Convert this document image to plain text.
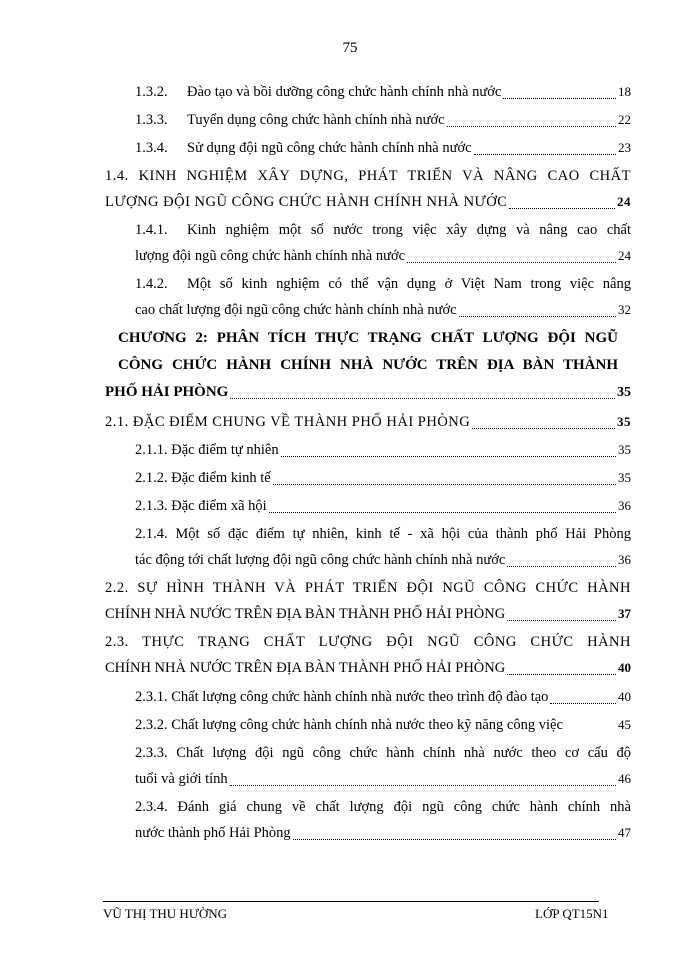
75
1.3.2.	Đào tạo và bồi dưỡng công chức hành chính nhà nước	18
1.3.3.	Tuyển dụng công chức hành chính nhà nước	22
1.3.4.	Sử dụng đội ngũ công chức hành chính nhà nước	23
1.4. KINH NGHIỆM XÂY DỰNG, PHÁT TRIỂN VÀ NÂNG CAO CHẤT
LƯỢNG ĐỘI NGŨ CÔNG CHỨC HÀNH CHÍNH NHÀ NƯỚC	24
1.4.1.	Kinh nghiệm một số nước trong việc xây dựng và nâng cao chất
lượng đội ngũ công chức hành chính nhà nước	24
1.4.2.	Một số kinh nghiệm có thể vận dụng ở Việt Nam trong việc nâng
cao chất lượng đội ngũ công chức hành chính nhà nước	32
CHƯƠNG 2: PHÂN TÍCH THỰC TRẠNG CHẤT LƯỢNG ĐỘI NGŨ
CÔNG CHỨC HÀNH CHÍNH NHÀ NƯỚC TRÊN ĐỊA BÀN THÀNH
PHỐ HẢI PHÒNG	35
2.1. ĐẶC ĐIỂM CHUNG VỀ THÀNH PHỐ HẢI PHÒNG	35
2.1.1. Đặc điểm tự nhiên	35
2.1.2. Đặc điểm kinh tế	35
2.1.3. Đặc điểm xã hội	36
2.1.4. Một số đặc điểm tự nhiên, kinh tế - xã hội của thành phố Hải Phòng
tác động tới chất lượng đội ngũ công chức hành chính nhà nước	36
2.2. SỰ HÌNH THÀNH VÀ PHÁT TRIỂN ĐỘI NGŨ CÔNG CHỨC HÀNH
CHÍNH NHÀ NƯỚC TRÊN ĐỊA BÀN THÀNH PHỐ HẢI PHÒNG	37
2.3. THỰC TRẠNG CHẤT LƯỢNG ĐỘI NGŨ CÔNG CHỨC HÀNH
CHÍNH NHÀ NƯỚC TRÊN ĐỊA BÀN THÀNH PHỐ HẢI PHÒNG	40
2.3.1. Chất lượng công chức hành chính nhà nước theo trình độ đào tạo	40
2.3.2. Chất lượng công chức hành chính nhà nước theo kỹ năng công việc	45
2.3.3. Chất lượng đội ngũ công chức hành chính nhà nước theo cơ cấu độ
tuổi và giới tính	46
2.3.4. Đánh giá chung về chất lượng đội ngũ công chức hành chính nhà
nước thành phố Hải Phòng	47
VŨ THỊ THU HƯỜNG	LỚP QT15N1
